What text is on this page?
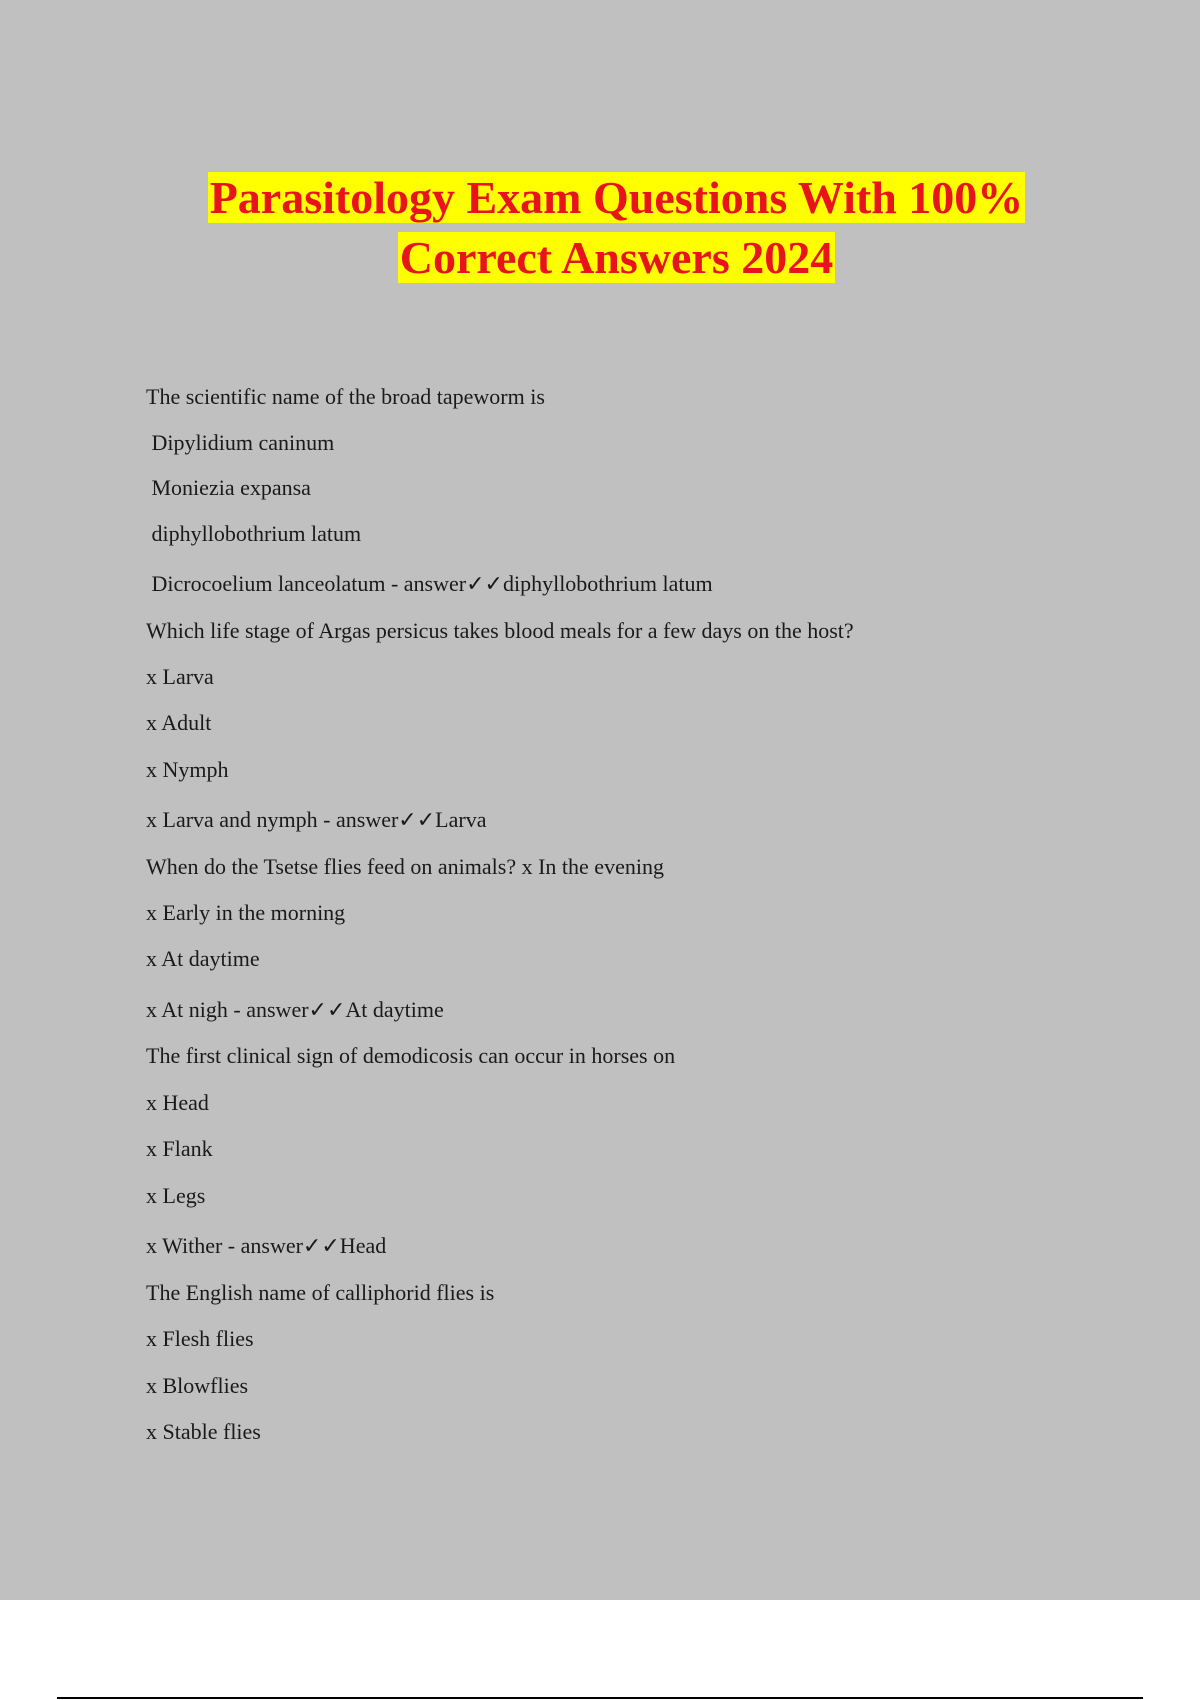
Parasitology Exam Questions With 100%
Correct Answers 2024
The scientific name of the broad tapeworm is
Dipylidium caninum
Moniezia expansa
diphyllobothrium latum
Dicrocoelium lanceolatum - answer✓✓diphyllobothrium latum
Which life stage of Argas persicus takes blood meals for a few days on the host?
x Larva
x Adult
x Nymph
x Larva and nymph - answer✓✓Larva
When do the Tsetse flies feed on animals? x In the evening
x Early in the morning
x At daytime
x At nigh - answer✓✓At daytime
The first clinical sign of demodicosis can occur in horses on
x Head
x Flank
x Legs
x Wither - answer✓✓Head
The English name of calliphorid flies is
x Flesh flies
x Blowflies
x Stable flies
